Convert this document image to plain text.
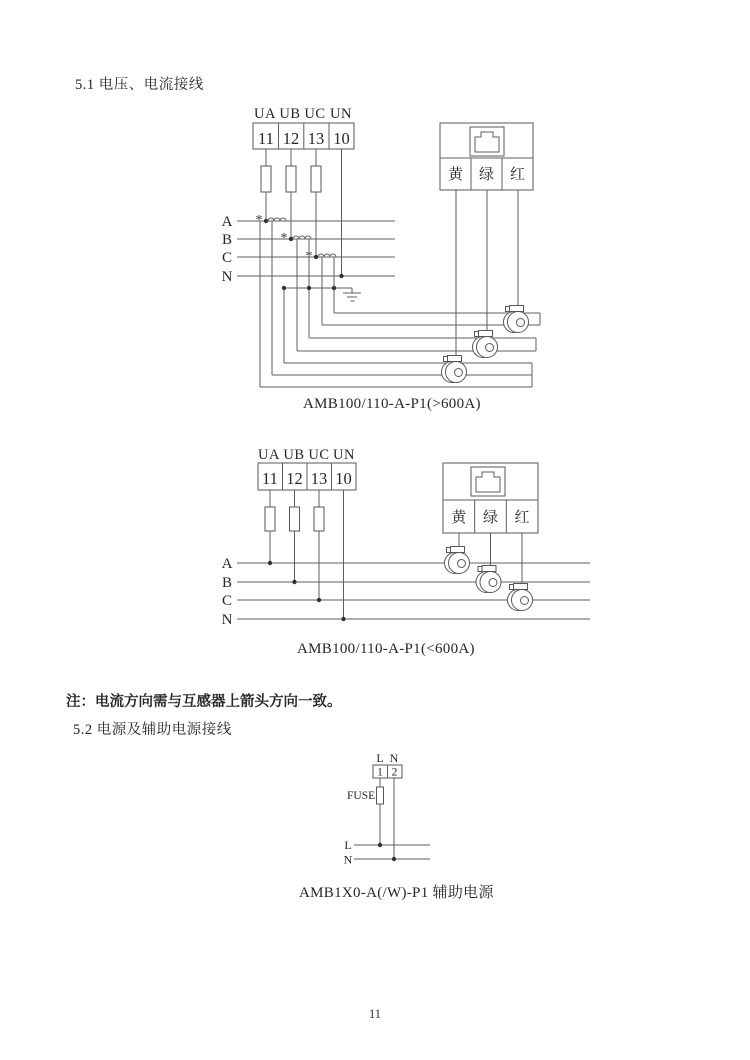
5.1 电压、电流接线
UA UB UC UN
11 12 13 10
A
B
C
N
*
*
*
黄 绿 红
AMB100/110-A-P1(>600A)
UA UB UC UN
11 12 13 10
A
B
C
N
黄 绿 红
AMB100/110-A-P1(<600A)
注：电流方向需与互感器上箭头方向一致。
5.2 电源及辅助电源接线
L N
1 2
FUSE
L
N
AMB1X0-A(/W)-P1 辅助电源
11
